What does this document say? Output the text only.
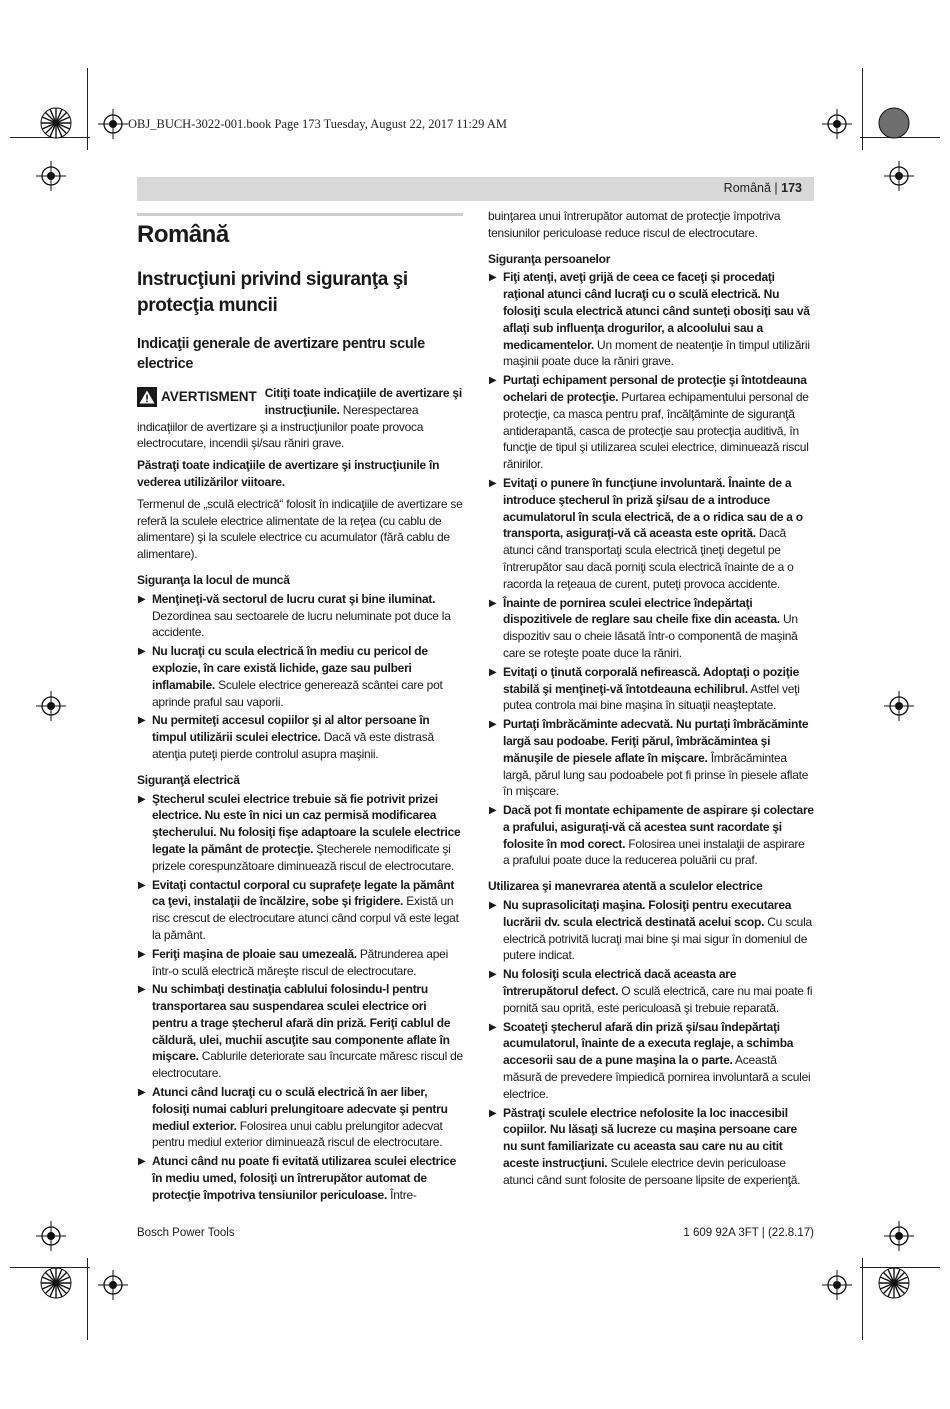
OBJ_BUCH-3022-001.book Page 173 Tuesday, August 22, 2017 11:29 AM
Română | 173
Română
Instrucţiuni privind siguranţa şi protecţia muncii
Indicaţii generale de avertizare pentru scule electrice

AVERTISMENT Citiţi toate indicaţiile de avertizare şi instrucţiunile. Nerespectarea indicaţiilor de avertizare şi a instrucţiunilor poate provoca electrocutare, incendii şi/sau răniri grave.

Păstraţi toate indicaţiile de avertizare şi instrucţiunile în vederea utilizărilor viitoare.

Termenul de „sculă electrică“ folosit în indicaţiile de avertizare se referă la sculele electrice alimentate de la reţea (cu cablu de alimentare) şi la sculele electrice cu acumulator (fără cablu de alimentare).

Siguranţa la locul de muncă
▶ Menţineţi-vă sectorul de lucru curat şi bine iluminat. Dezordinea sau sectoarele de lucru neluminate pot duce la accidente.
▶ Nu lucraţi cu scula electrică în mediu cu pericol de explozie, în care există lichide, gaze sau pulberi inflamabile. Sculele electrice generează scântei care pot aprinde praful sau vaporii.
▶ Nu permiteţi accesul copiilor şi al altor persoane în timpul utilizării sculei electrice. Dacă vă este distrasă atenţia puteţi pierde controlul asupra maşinii.
Siguranţă electrică
▶ Ştecherul sculei electrice trebuie să fie potrivit prizei electrice. Nu este în nici un caz permisă modificarea ştecherului. Nu folosiţi fişe adaptoare la sculele electrice legate la pământ de protecţie. Ştecherele nemodificate şi prizele corespunzătoare diminuează riscul de electrocutare.
▶ Evitaţi contactul corporal cu suprafeţe legate la pământ ca ţevi, instalaţii de încălzire, sobe şi frigidere. Există un risc crescut de electrocutare atunci când corpul vă este legat la pământ.
▶ Feriţi maşina de ploaie sau umezeală. Pătrunderea apei într-o sculă electrică măreşte riscul de electrocutare.
▶ Nu schimbaţi destinaţia cablului folosindu-l pentru transportarea sau suspendarea sculei electrice ori pentru a trage ştecherul afară din priză. Feriţi cablul de căldură, ulei, muchii ascuţite sau componente aflate în mişcare. Cablurile deteriorate sau încurcate măresc riscul de electrocutare.
▶ Atunci când lucraţi cu o sculă electrică în aer liber, folosiţi numai cabluri prelungitoare adecvate şi pentru mediul exterior. Folosirea unui cablu prelungitor adecvat pentru mediul exterior diminuează riscul de electrocutare.
▶ Atunci când nu poate fi evitată utilizarea sculei electrice în mediu umed, folosiţi un întrerupător automat de protecţie împotriva tensiunilor periculoase. Între-

buinţarea unui întrerupător automat de protecţie împotriva tensiunilor periculoase reduce riscul de electrocutare.

Siguranţa persoanelor
▶ Fiţi atenţi, aveţi grijă de ceea ce faceţi şi procedaţi raţional atunci când lucraţi cu o sculă electrică. Nu folosiţi scula electrică atunci când sunteţi obosiţi sau vă aflaţi sub influenţa drogurilor, a alcoolului sau a medicamentelor. Un moment de neatenţie în timpul utilizării maşinii poate duce la răniri grave.
▶ Purtaţi echipament personal de protecţie şi întotdeauna ochelari de protecţie. Purtarea echipamentului personal de protecţie, ca masca pentru praf, încălţăminte de siguranţă antiderapantă, casca de protecţie sau protecţia auditivă, în funcţie de tipul şi utilizarea sculei electrice, diminuează riscul rănirilor.
▶ Evitaţi o punere în funcţiune involuntară. Înainte de a introduce ştecherul în priză şi/sau de a introduce acumulatorul în scula electrică, de a o ridica sau de a o transporta, asiguraţi-vă că aceasta este oprită. Dacă atunci când transportaţi scula electrică ţineţi degetul pe întrerupător sau dacă porniţi scula electrică înainte de a o racorda la reţeaua de curent, puteţi provoca accidente.
▶ Înainte de pornirea sculei electrice îndepărtaţi dispozitivele de reglare sau cheile fixe din aceasta. Un dispozitiv sau o cheie lăsată într-o componentă de maşină care se roteşte poate duce la răniri.
▶ Evitaţi o ţinută corporală nefirească. Adoptaţi o poziţie stabilă şi menţineţi-vă întotdeauna echilibrul. Astfel veţi putea controla mai bine maşina în situaţii neaşteptate.
▶ Purtaţi îmbrăcăminte adecvată. Nu purtaţi îmbrăcăminte largă sau podoabe. Feriţi părul, îmbrăcămintea şi mănuşile de piesele aflate în mişcare. Îmbrăcămintea largă, părul lung sau podoabele pot fi prinse în piesele aflate în mişcare.
▶ Dacă pot fi montate echipamente de aspirare şi colectare a prafului, asiguraţi-vă că acestea sunt racordate şi folosite în mod corect. Folosirea unei instalaţii de aspirare a prafului poate duce la reducerea poluării cu praf.
Utilizarea şi manevrarea atentă a sculelor electrice
▶ Nu suprasolicitaţi maşina. Folosiţi pentru executarea lucrării dv. scula electrică destinată acelui scop. Cu scula electrică potrivită lucraţi mai bine şi mai sigur în domeniul de putere indicat.
▶ Nu folosiţi scula electrică dacă aceasta are întrerupătorul defect. O sculă electrică, care nu mai poate fi pornită sau oprită, este periculoasă şi trebuie reparată.
▶ Scoateţi ştecherul afară din priză şi/sau îndepărtaţi acumulatorul, înainte de a executa reglaje, a schimba accesorii sau de a pune maşina la o parte. Această măsură de prevedere împiedică pornirea involuntară a sculei electrice.
▶ Păstraţi sculele electrice nefolosite la loc inaccesibil copiilor. Nu lăsaţi să lucreze cu maşina persoane care nu sunt familiarizate cu aceasta sau care nu au citit aceste instrucţiuni. Sculele electrice devin periculoase atunci când sunt folosite de persoane lipsite de experienţă.
Bosch Power Tools	1 609 92A 3FT | (22.8.17)
